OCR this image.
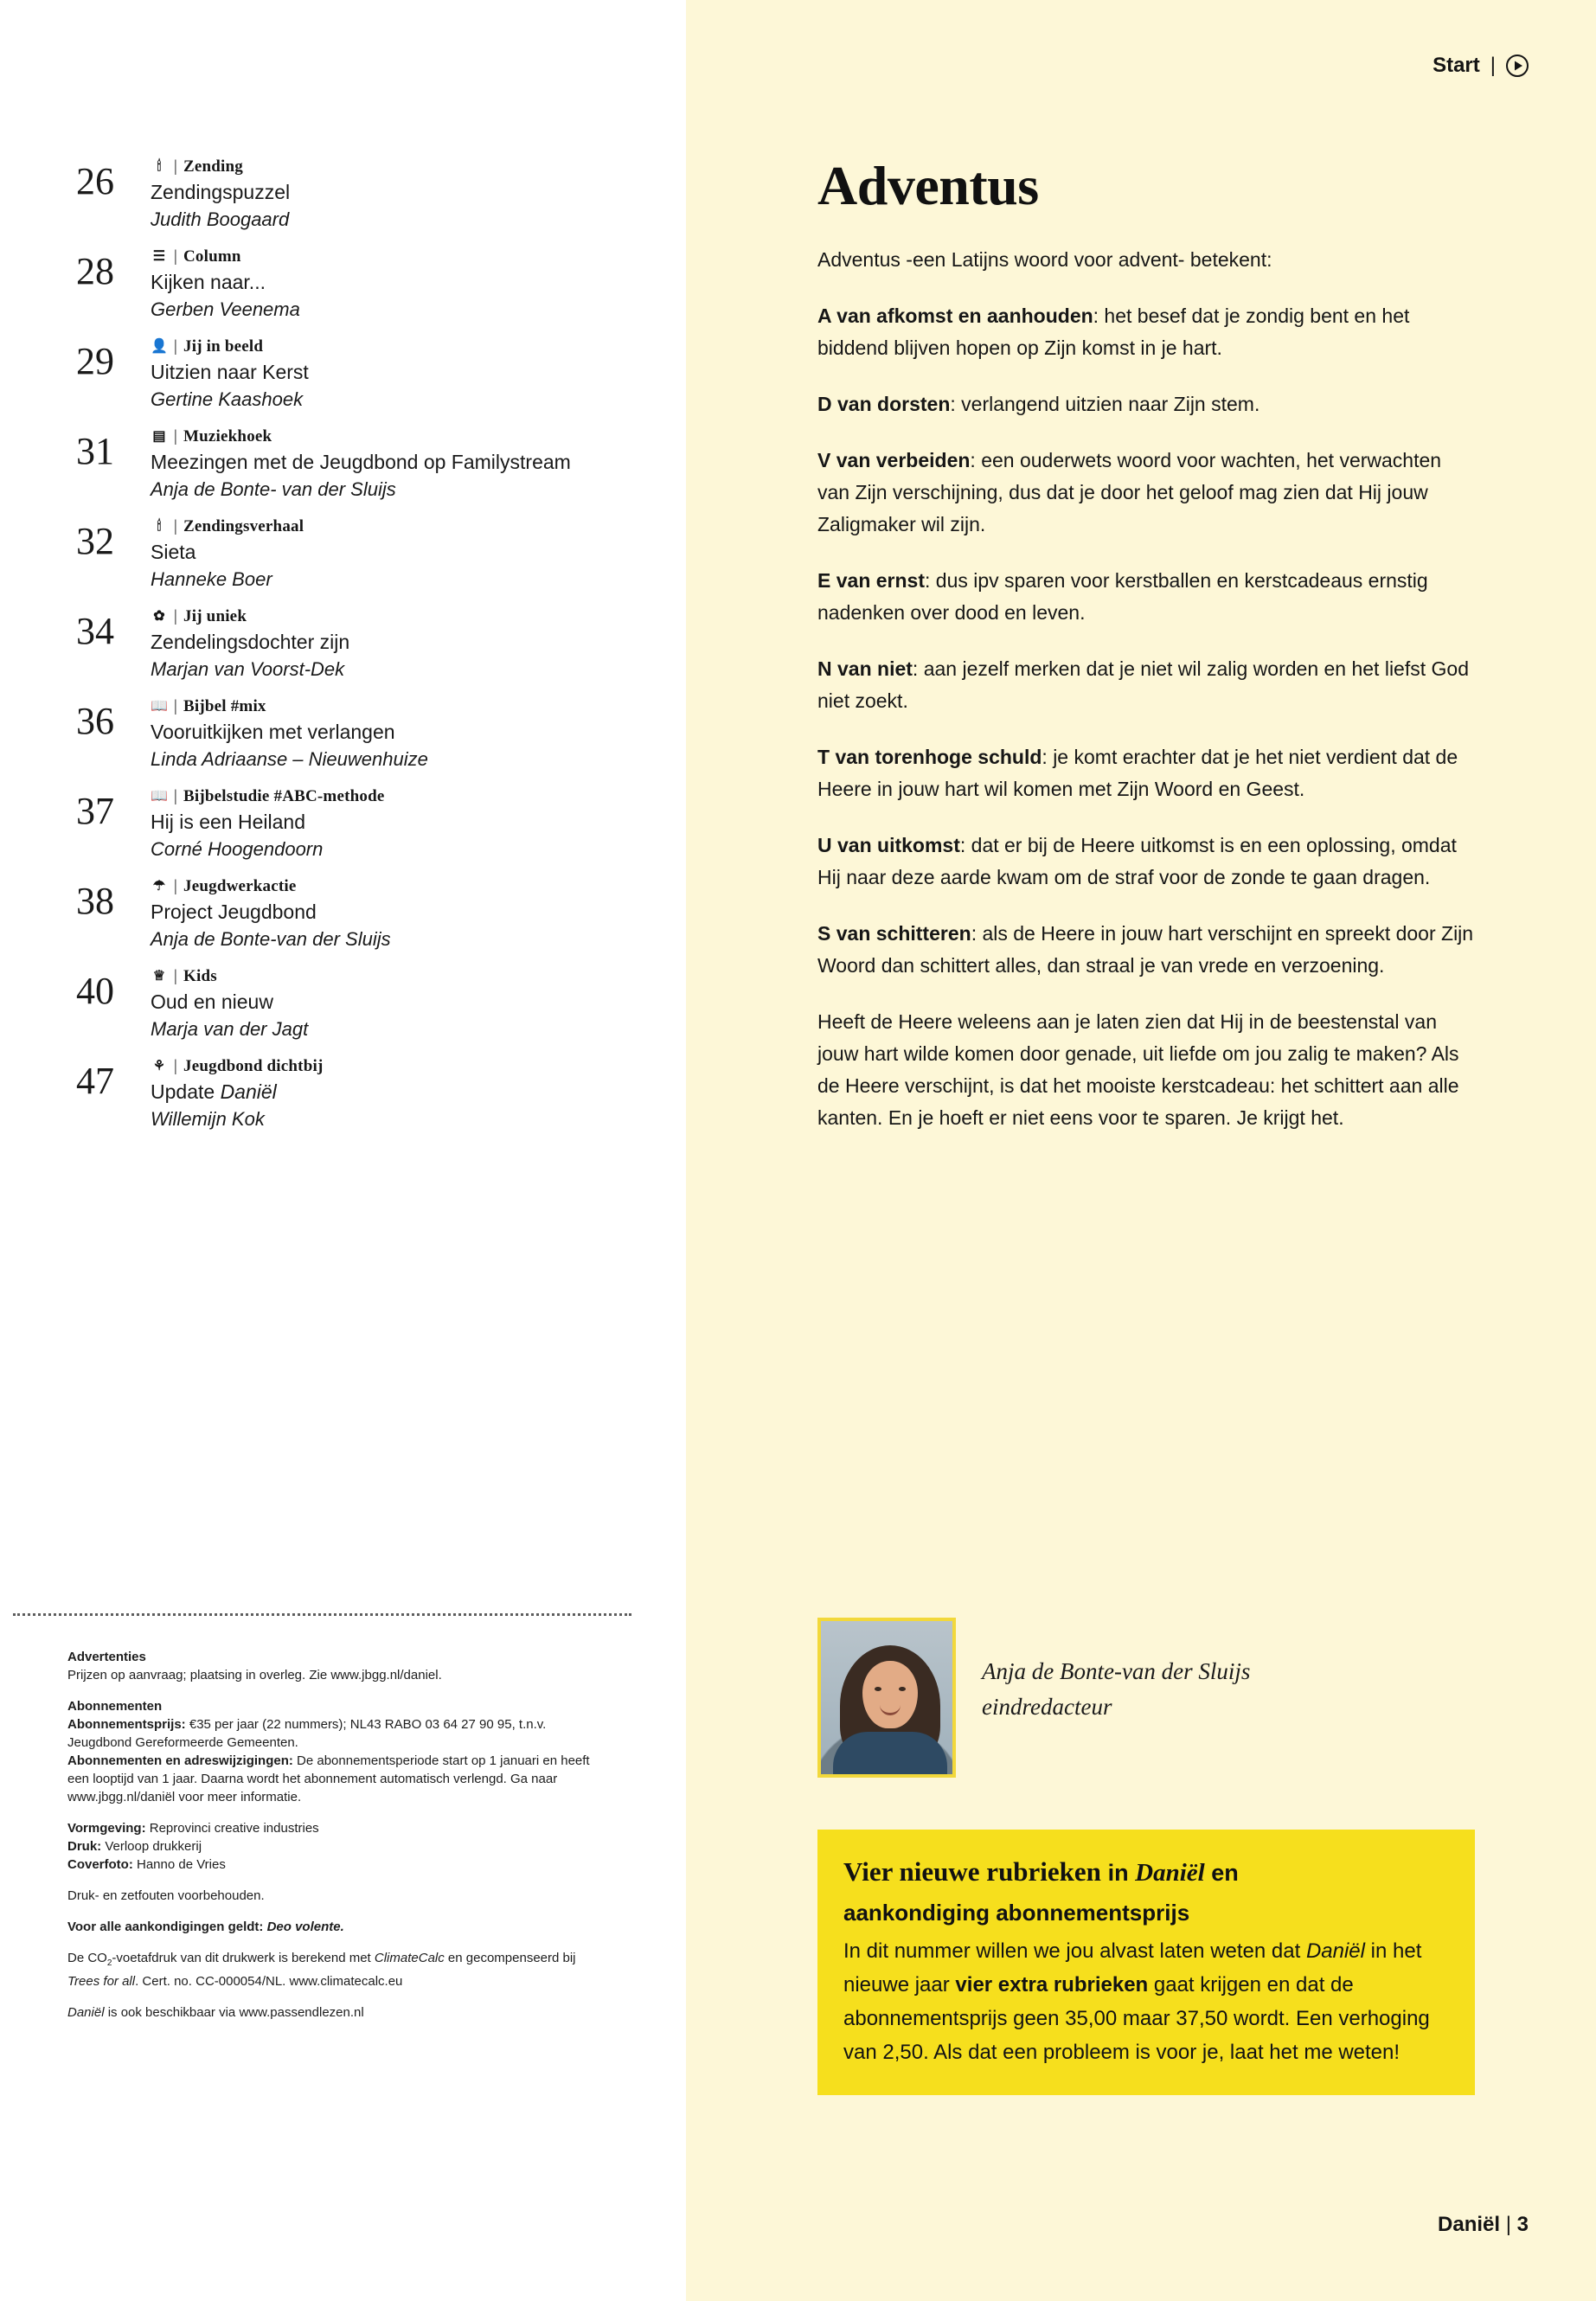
Start |
26	🕯 | Zending
Zendingspuzzel
Judith Boogaard
28	☰ | Column
Kijken naar...
Gerben Veenema
29	👤 | Jij in beeld
Uitzien naar Kerst
Gertine Kaashoek
31	▤ | Muziekhoek
Meezingen met de Jeugdbond op Familystream
Anja de Bonte- van der Sluijs
32	🕯 | Zendingsverhaal
Sieta
Hanneke Boer
34	✿ | Jij uniek
Zendelingsdochter zijn
Marjan van Voorst-Dek
36	📖 | Bijbel #mix
Vooruitkijken met verlangen
Linda Adriaanse – Nieuwenhuize
37	📖 | Bijbelstudie #ABC-methode
Hij is een Heiland
Corné Hoogendoorn
38	☂ | Jeugdwerkactie
Project Jeugdbond
Anja de Bonte-van der Sluijs
40	♕ | Kids
Oud en nieuw
Marja van der Jagt
47	⚘ | Jeugdbond dichtbij
Update Daniël
Willemijn Kok

Advertenties
Prijzen op aanvraag; plaatsing in overleg. Zie www.jbgg.nl/daniel.

Abonnementen
Abonnementsprijs: €35 per jaar (22 nummers); NL43 RABO 03 64 27 90 95, t.n.v. Jeugdbond Gereformeerde Gemeenten.
Abonnementen en adreswijzigingen: De abonnementsperiode start op 1 januari en heeft een looptijd van 1 jaar. Daarna wordt het abonnement automatisch verlengd. Ga naar www.jbgg.nl/daniël voor meer informatie.

Vormgeving: Reprovinci creative industries
Druk: Verloop drukkerij
Coverfoto: Hanno de Vries

Druk- en zetfouten voorbehouden.

Voor alle aankondigingen geldt: Deo volente.

De $CO_2$-voetafdruk van dit drukwerk is berekend met ClimateCalc en gecompenseerd bij Trees for all. Cert. no. CC-000054/NL. www.climatecalc.eu

Daniël is ook beschikbaar via www.passendlezen.nl

Adventus

Adventus -een Latijns woord voor advent- betekent:

A van afkomst en aanhouden: het besef dat je zondig bent en het biddend blijven hopen op Zijn komst in je hart.

D van dorsten: verlangend uitzien naar Zijn stem.

V van verbeiden: een ouderwets woord voor wachten, het verwachten van Zijn verschijning, dus dat je door het geloof mag zien dat Hij jouw Zaligmaker wil zijn.

E van ernst: dus ipv sparen voor kerstballen en kerstcadeaus ernstig nadenken over dood en leven.

N van niet: aan jezelf merken dat je niet wil zalig worden en het liefst God niet zoekt.

T van torenhoge schuld: je komt erachter dat je het niet verdient dat de Heere in jouw hart wil komen met Zijn Woord en Geest.

U van uitkomst: dat er bij de Heere uitkomst is en een oplossing, omdat Hij naar deze aarde kwam om de straf voor de zonde te gaan dragen.

S van schitteren: als de Heere in jouw hart verschijnt en spreekt door Zijn Woord dan schittert alles, dan straal je van vrede en verzoening.

Heeft de Heere weleens aan je laten zien dat Hij in de beestenstal van jouw hart wilde komen door genade, uit liefde om jou zalig te maken? Als de Heere verschijnt, is dat het mooiste kerstcadeau: het schittert aan alle kanten. En je hoeft er niet eens voor te sparen. Je krijgt het.

Anja de Bonte-van der Sluijs
eindredacteur
Vier nieuwe rubrieken in Daniël en
aankondiging abonnementsprijs

In dit nummer willen we jou alvast laten weten dat Daniël in het nieuwe jaar vier extra rubrieken gaat krijgen en dat de abonnementsprijs geen 35,00 maar 37,50 wordt. Een verhoging van 2,50. Als dat een probleem is voor je, laat het me weten!

Daniël | 3
